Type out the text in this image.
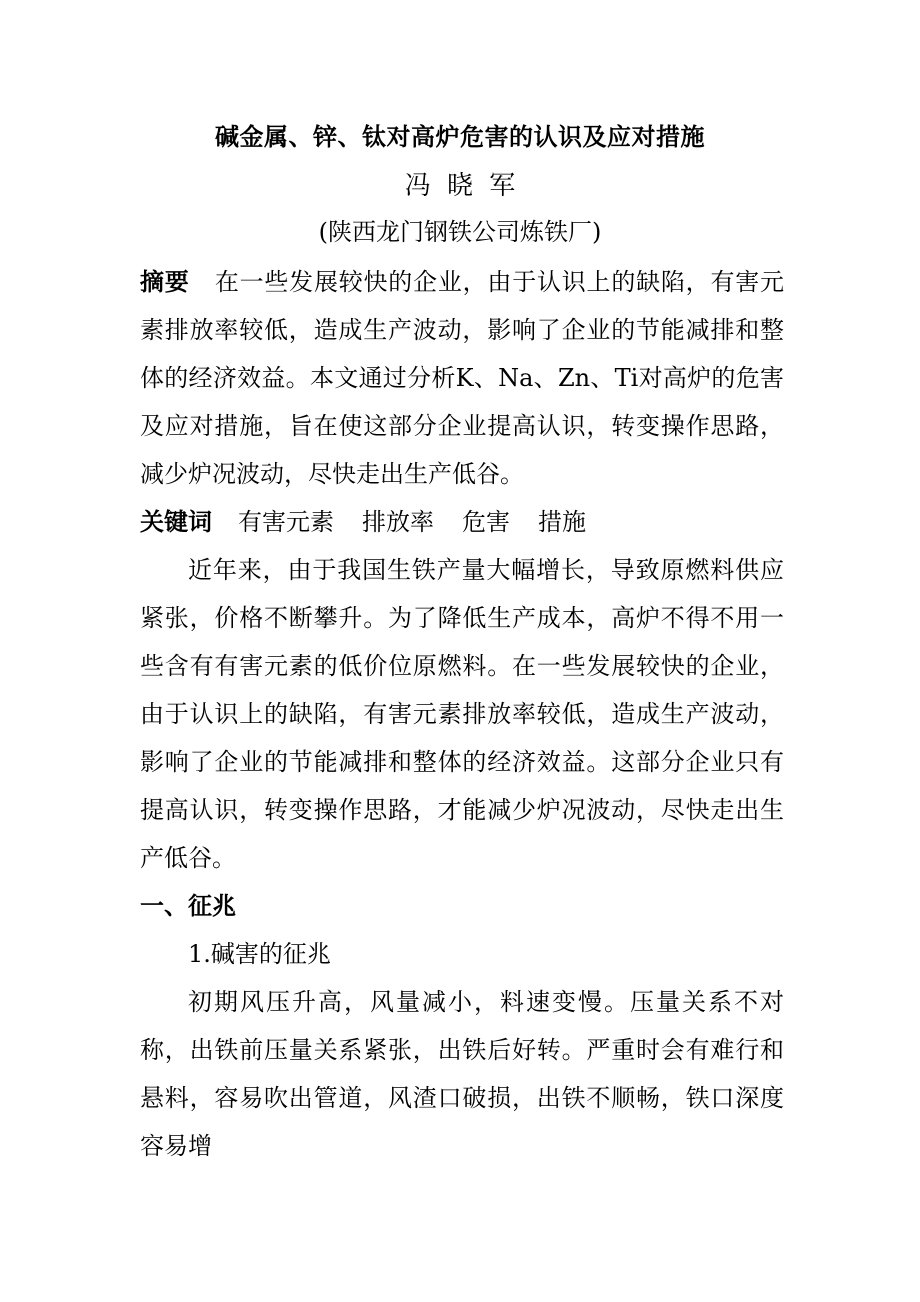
碱金属、锌、钛对高炉危害的认识及应对措施
冯 晓 军
(陕西龙门钢铁公司炼铁厂)

摘要 在一些发展较快的企业，由于认识上的缺陷，有害元素排放率较低，造成生产波动，影响了企业的节能减排和整体的经济效益。本文通过分析K、Na、Zn、Ti对高炉的危害及应对措施，旨在使这部分企业提高认识，转变操作思路，减少炉况波动，尽快走出生产低谷。

关键词 有害元素 排放率 危害 措施

近年来，由于我国生铁产量大幅增长，导致原燃料供应紧张，价格不断攀升。为了降低生产成本，高炉不得不用一些含有有害元素的低价位原燃料。在一些发展较快的企业，由于认识上的缺陷，有害元素排放率较低，造成生产波动，影响了企业的节能减排和整体的经济效益。这部分企业只有提高认识，转变操作思路，才能减少炉况波动，尽快走出生产低谷。

一、征兆

1.碱害的征兆

初期风压升高，风量减小，料速变慢。压量关系不对称，出铁前压量关系紧张，出铁后好转。严重时会有难行和悬料，容易吹出管道，风渣口破损，出铁不顺畅，铁口深度容易增
